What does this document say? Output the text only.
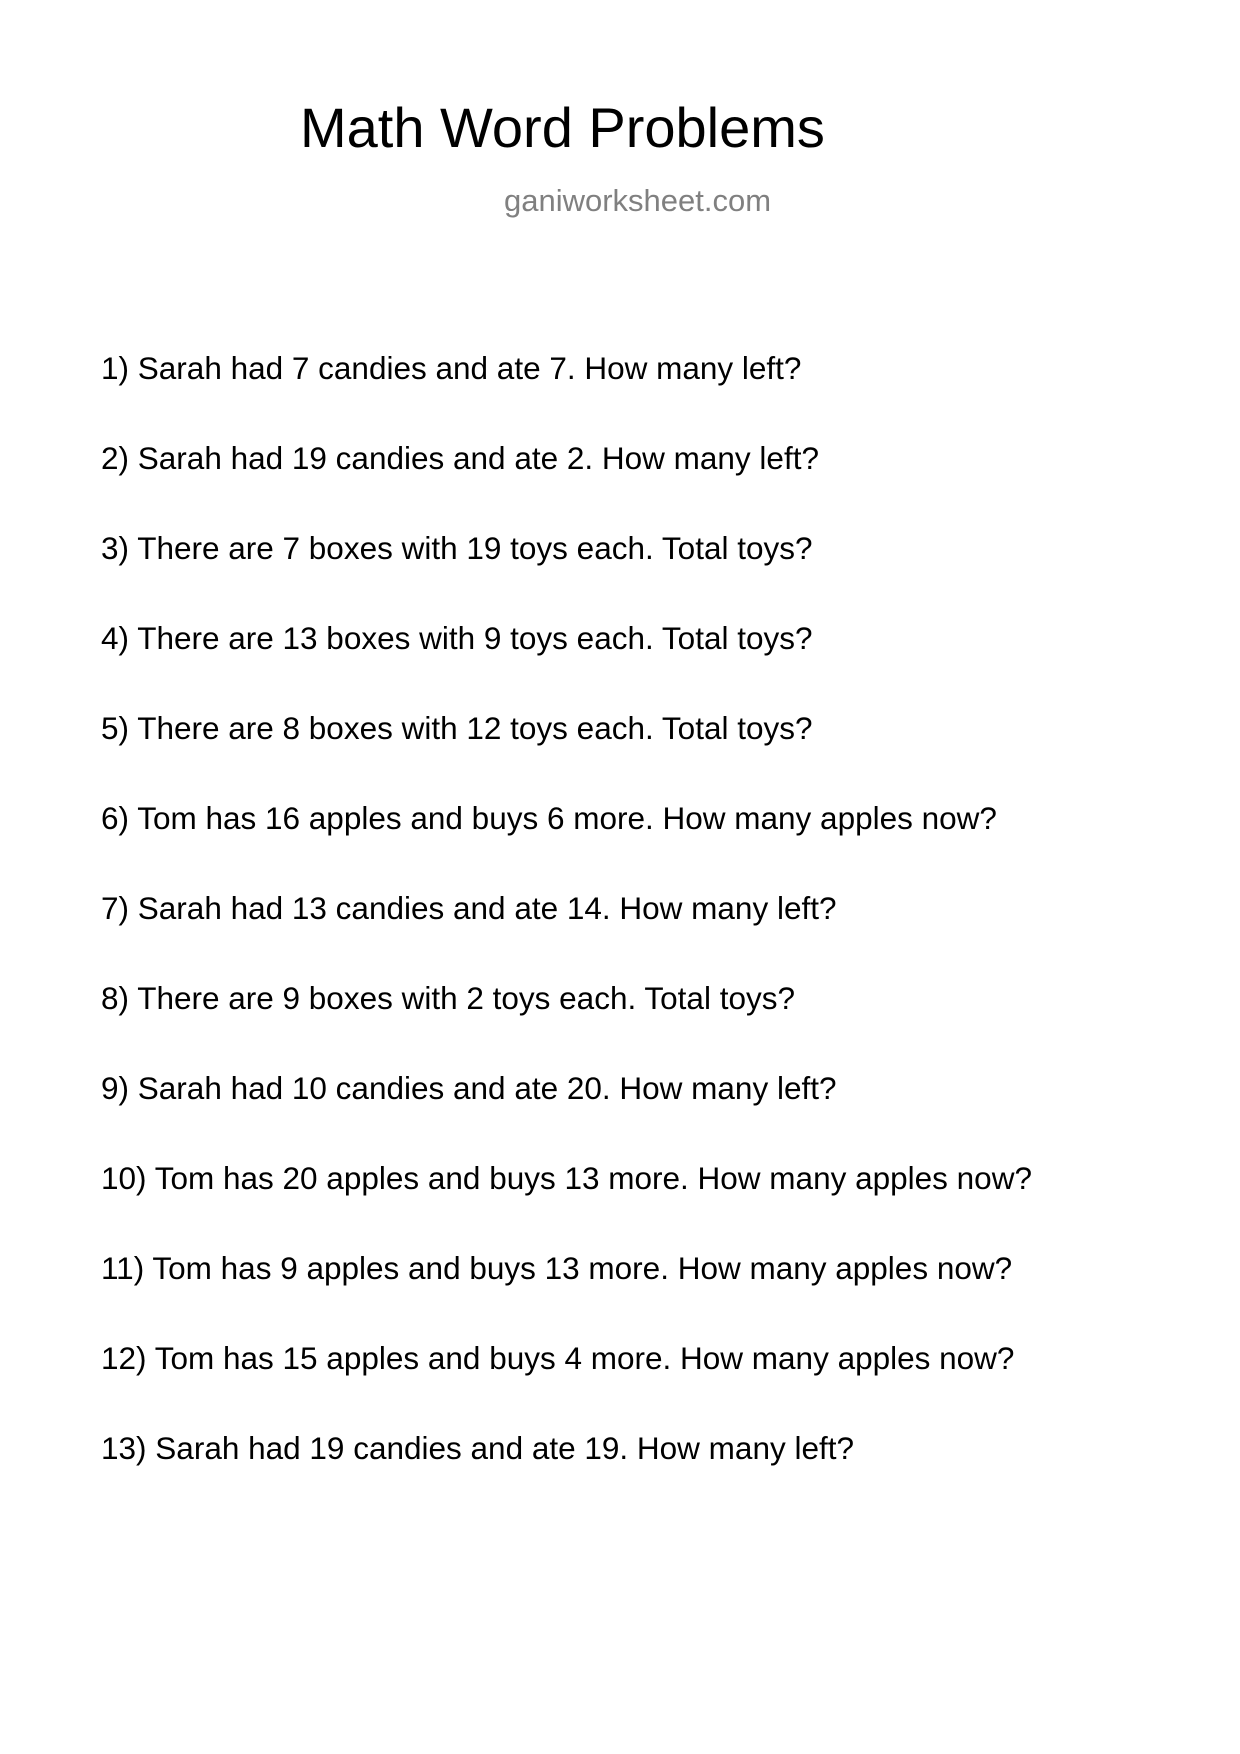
Math Word Problems
ganiworksheet.com
1) Sarah had 7 candies and ate 7. How many left?
2) Sarah had 19 candies and ate 2. How many left?
3) There are 7 boxes with 19 toys each. Total toys?
4) There are 13 boxes with 9 toys each. Total toys?
5) There are 8 boxes with 12 toys each. Total toys?
6) Tom has 16 apples and buys 6 more. How many apples now?
7) Sarah had 13 candies and ate 14. How many left?
8) There are 9 boxes with 2 toys each. Total toys?
9) Sarah had 10 candies and ate 20. How many left?
10) Tom has 20 apples and buys 13 more. How many apples now?
11) Tom has 9 apples and buys 13 more. How many apples now?
12) Tom has 15 apples and buys 4 more. How many apples now?
13) Sarah had 19 candies and ate 19. How many left?
